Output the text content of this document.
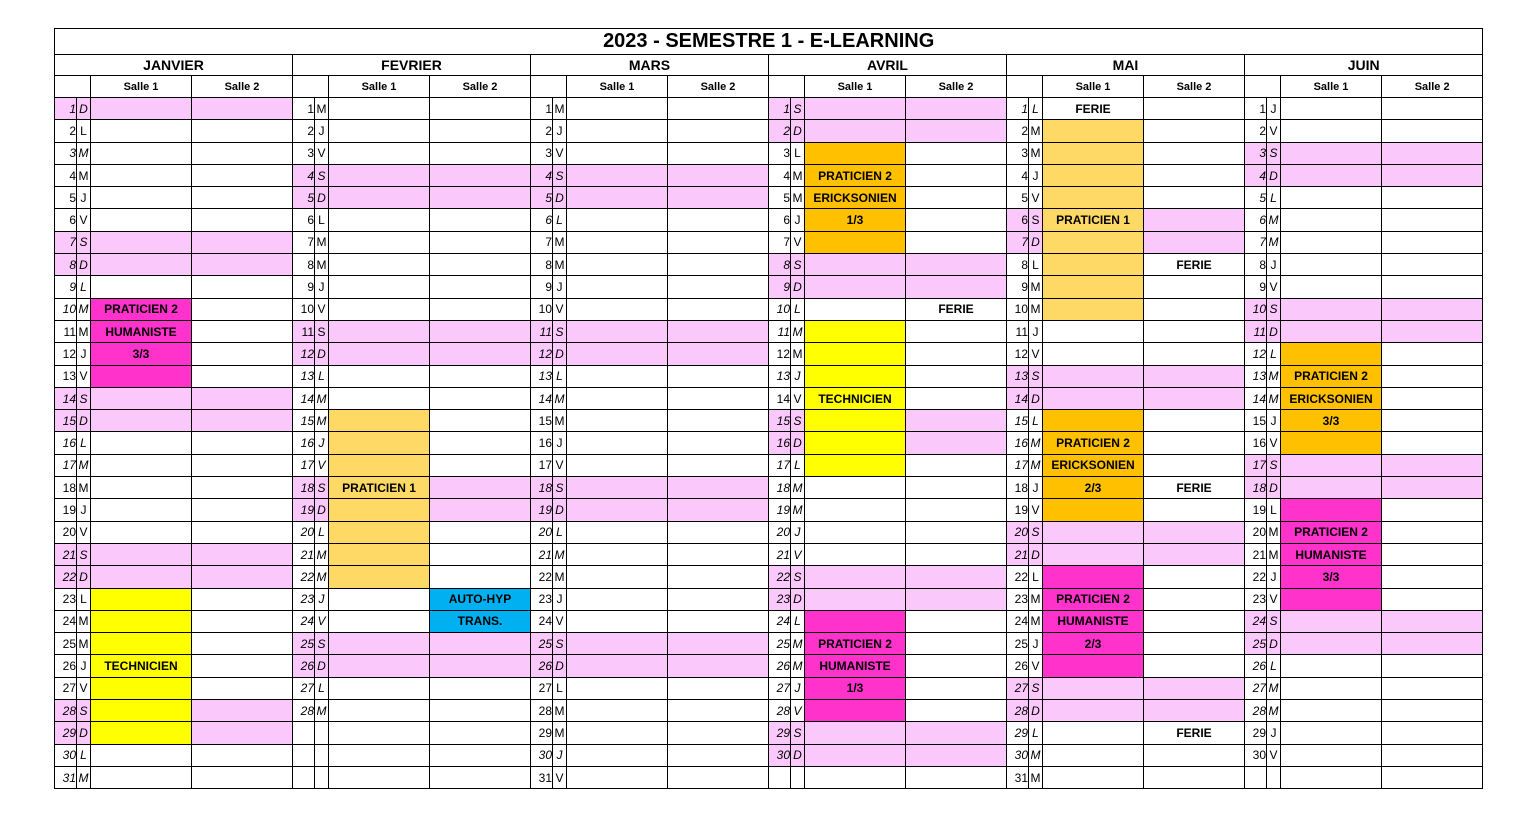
2023 - SEMESTRE 1 - E-LEARNING																							
JANVIER				FEVRIER				MARS				AVRIL				MAI				JUIN			
		Salle 1	Salle 2			Salle 1	Salle 2			Salle 1	Salle 2			Salle 1	Salle 2			Salle 1	Salle 2			Salle 1	Salle 2
1	D			1	M			1	M			1	S			1	L	FERIE		1	J		
2	L			2	J			2	J			2	D			2	M			2	V		
3	M			3	V			3	V			3	L			3	M			3	S		
4	M			4	S			4	S			4	M	PRATICIEN 2		4	J			4	D		
5	J			5	D			5	D			5	M	ERICKSONIEN		5	V			5	L		
6	V			6	L			6	L			6	J	1/3		6	S	PRATICIEN 1		6	M		
7	S			7	M			7	M			7	V			7	D			7	M		
8	D			8	M			8	M			8	S			8	L		FERIE	8	J		
9	L			9	J			9	J			9	D			9	M			9	V		
10	M	PRATICIEN 2		10	V			10	V			10	L		FERIE	10	M			10	S		
11	M	HUMANISTE		11	S			11	S			11	M			11	J			11	D		
12	J	3/3		12	D			12	D			12	M			12	V			12	L		
13	V			13	L			13	L			13	J			13	S			13	M	PRATICIEN 2	
14	S			14	M			14	M			14	V	TECHNICIEN		14	D			14	M	ERICKSONIEN	
15	D			15	M			15	M			15	S			15	L			15	J	3/3	
16	L			16	J			16	J			16	D			16	M	PRATICIEN 2		16	V		
17	M			17	V			17	V			17	L			17	M	ERICKSONIEN		17	S		
18	M			18	S	PRATICIEN 1		18	S			18	M			18	J	2/3	FERIE	18	D		
19	J			19	D			19	D			19	M			19	V			19	L		
20	V			20	L			20	L			20	J			20	S			20	M	PRATICIEN 2	
21	S			21	M			21	M			21	V			21	D			21	M	HUMANISTE	
22	D			22	M			22	M			22	S			22	L			22	J	3/3	
23	L			23	J		AUTO-HYP	23	J			23	D			23	M	PRATICIEN 2		23	V		
24	M			24	V		TRANS.	24	V			24	L			24	M	HUMANISTE		24	S		
25	M			25	S			25	S			25	M	PRATICIEN 2		25	J	2/3		25	D		
26	J	TECHNICIEN		26	D			26	D			26	M	HUMANISTE		26	V			26	L		
27	V			27	L			27	L			27	J	1/3		27	S			27	M		
28	S			28	M			28	M			28	V			28	D			28	M		
29	D							29	M			29	S			29	L		FERIE	29	J		
30	L							30	J			30	D			30	M			30	V		
31	M							31	V							31	M						
